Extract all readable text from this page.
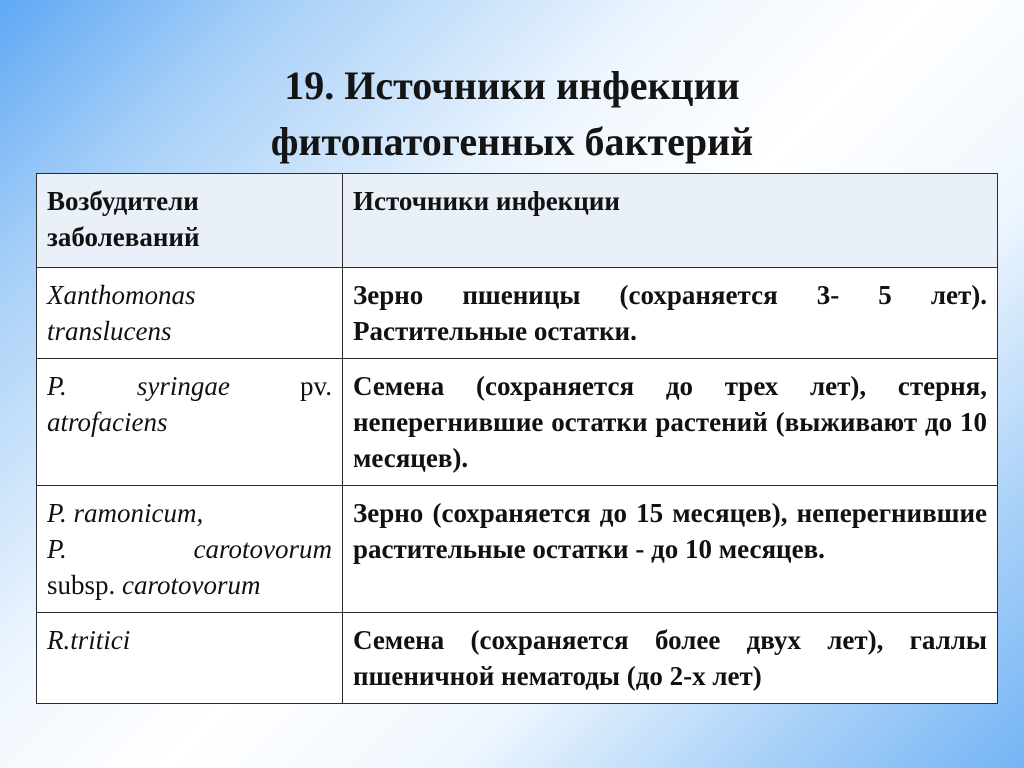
19. Источники инфекции
фитопатогенных бактерий
Возбудители заболеваний	Источники инфекции

Xanthomonas
translucens	Зерно пшеницы (сохраняется 3- 5 лет). Растительные остатки.

P. syringae pv.
atrofaciens	Семена (сохраняется до трех лет), стерня, неперегнившие остатки растений (выживают до 10 месяцев).

P. ramonicum,
P. carotovorum
subsp. carotovorum	Зерно (сохраняется до 15 месяцев), неперегнившие растительные остатки - до 10 месяцев.

R.tritici	Семена (сохраняется более двух лет), галлы пшеничной нематоды (до 2-х лет)
